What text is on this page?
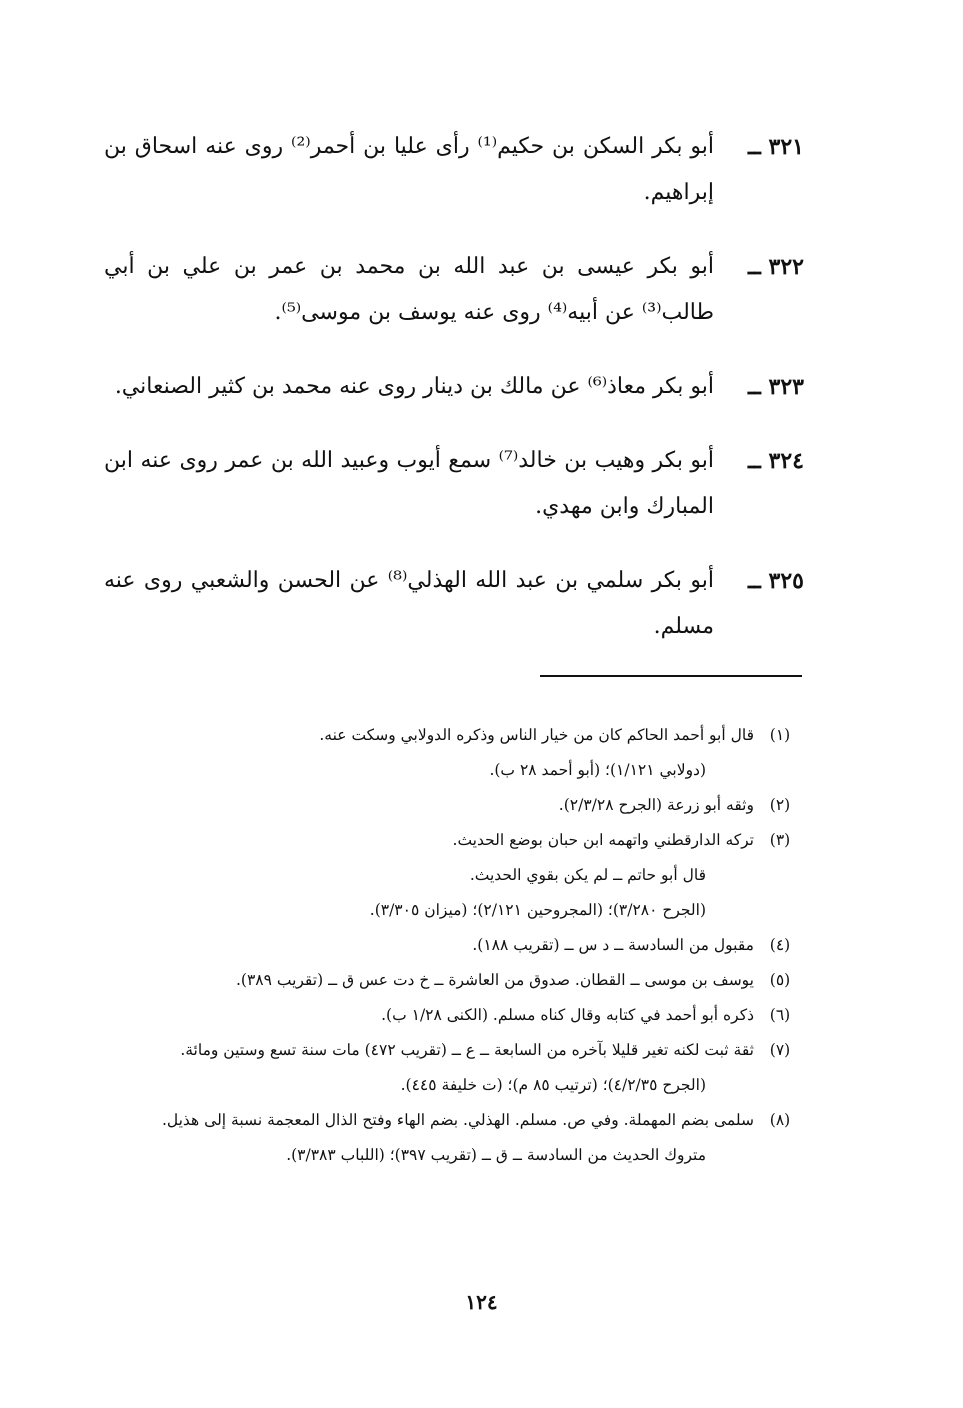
٣٢١ ــ
أبو بكر السكن بن حكيم⁽¹⁾ رأى عليا بن أحمر⁽²⁾ روى عنه اسحاق بن إبراهيم.
٣٢٢ ــ
أبو بكر عيسى بن عبد الله بن محمد بن عمر بن علي بن أبي طالب⁽³⁾ عن أبيه⁽⁴⁾ روى عنه يوسف بن موسى⁽⁵⁾.
٣٢٣ ــ
أبو بكر معاذ⁽⁶⁾ عن مالك بن دينار روى عنه محمد بن كثير الصنعاني.
٣٢٤ ــ
أبو بكر وهيب بن خالد⁽⁷⁾ سمع أيوب وعبيد الله بن عمر روى عنه ابن المبارك وابن مهدي.
٣٢٥ ــ
أبو بكر سلمي بن عبد الله الهذلي⁽⁸⁾ عن الحسن والشعبي روى عنه مسلم.
(١)
قال أبو أحمد الحاكم كان من خيار الناس وذكره الدولابي وسكت عنه.
(دولابي ١/١٢١)؛ (أبو أحمد ٢٨ ب).
(٢)
وثقه أبو زرعة (الجرح ٢/٣/٢٨).
(٣)
تركه الدارقطني واتهمه ابن حبان بوضع الحديث.
قال أبو حاتم ــ لم يكن بقوي الحديث.
(الجرح ٣/٢٨٠)؛ (المجروحين ٢/١٢١)؛ (ميزان ٣/٣٠٥).
(٤)
مقبول من السادسة ــ د س ــ (تقريب ١٨٨).
(٥)
يوسف بن موسى ــ القطان. صدوق من العاشرة ــ خ دت عس ق ــ (تقريب ٣٨٩).
(٦)
ذكره أبو أحمد في كتابه وقال كناه مسلم. (الكنى ١/٢٨ ب).
(٧)
ثقة ثبت لكنه تغير قليلا بآخره من السابعة ــ ع ــ (تقريب ٤٧٢) مات سنة تسع وستين ومائة.
(الجرح ٤/٢/٣٥)؛ (ترتيب ٨٥ م)؛ (ت خليفة ٤٤٥).
(٨)
سلمى بضم المهملة. وفي ص. مسلم. الهذلي. بضم الهاء وفتح الذال المعجمة نسبة إلى هذيل.
متروك الحديث من السادسة ــ ق ــ (تقريب ٣٩٧)؛ (اللباب ٣/٣٨٣).
١٢٤
